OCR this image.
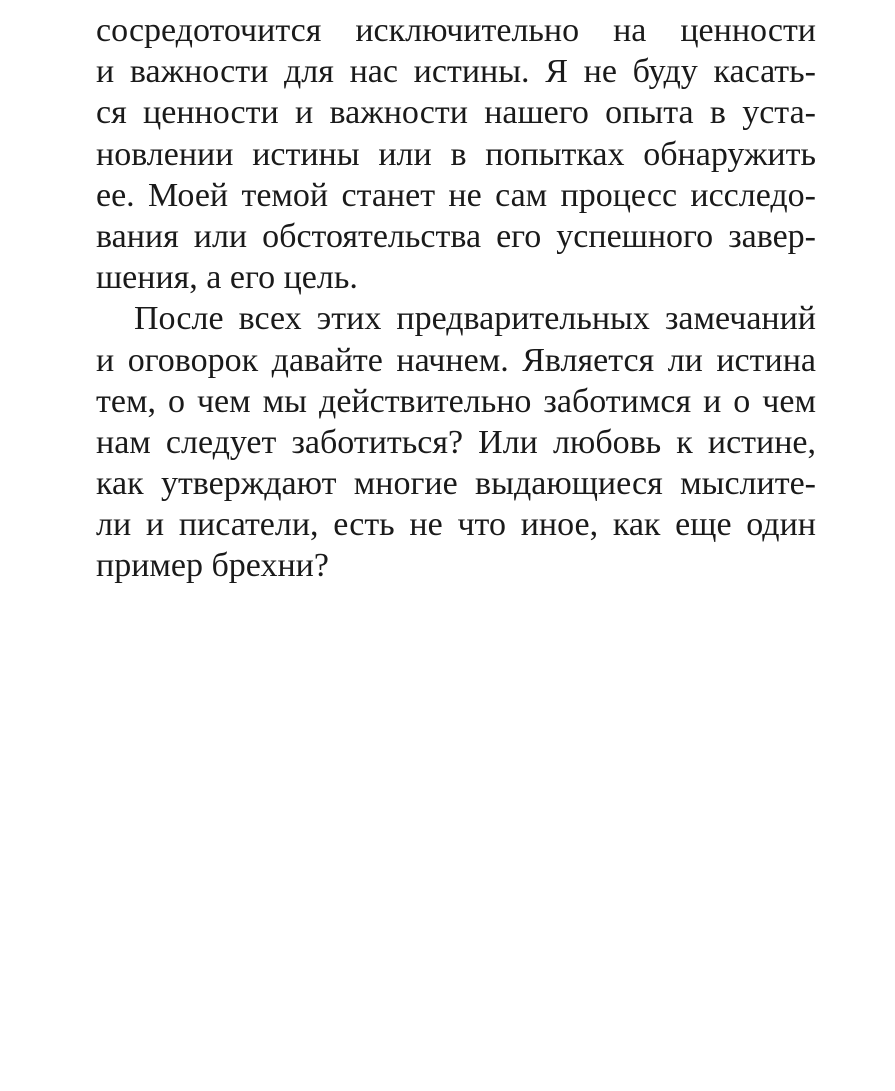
сосредоточится исключительно на ценности
и важности для нас истины. Я не буду касать-
ся ценности и важности нашего опыта в уста-
новлении истины или в попытках обнаружить
ее. Моей темой станет не сам процесс исследо-
вания или обстоятельства его успешного завер-
шения, а его цель.
После всех этих предварительных замечаний
и оговорок давайте начнем. Является ли истина
тем, о чем мы действительно заботимся и о чем
нам следует заботиться? Или любовь к истине,
как утверждают многие выдающиеся мыслите-
ли и писатели, есть не что иное, как еще один
пример брехни?
